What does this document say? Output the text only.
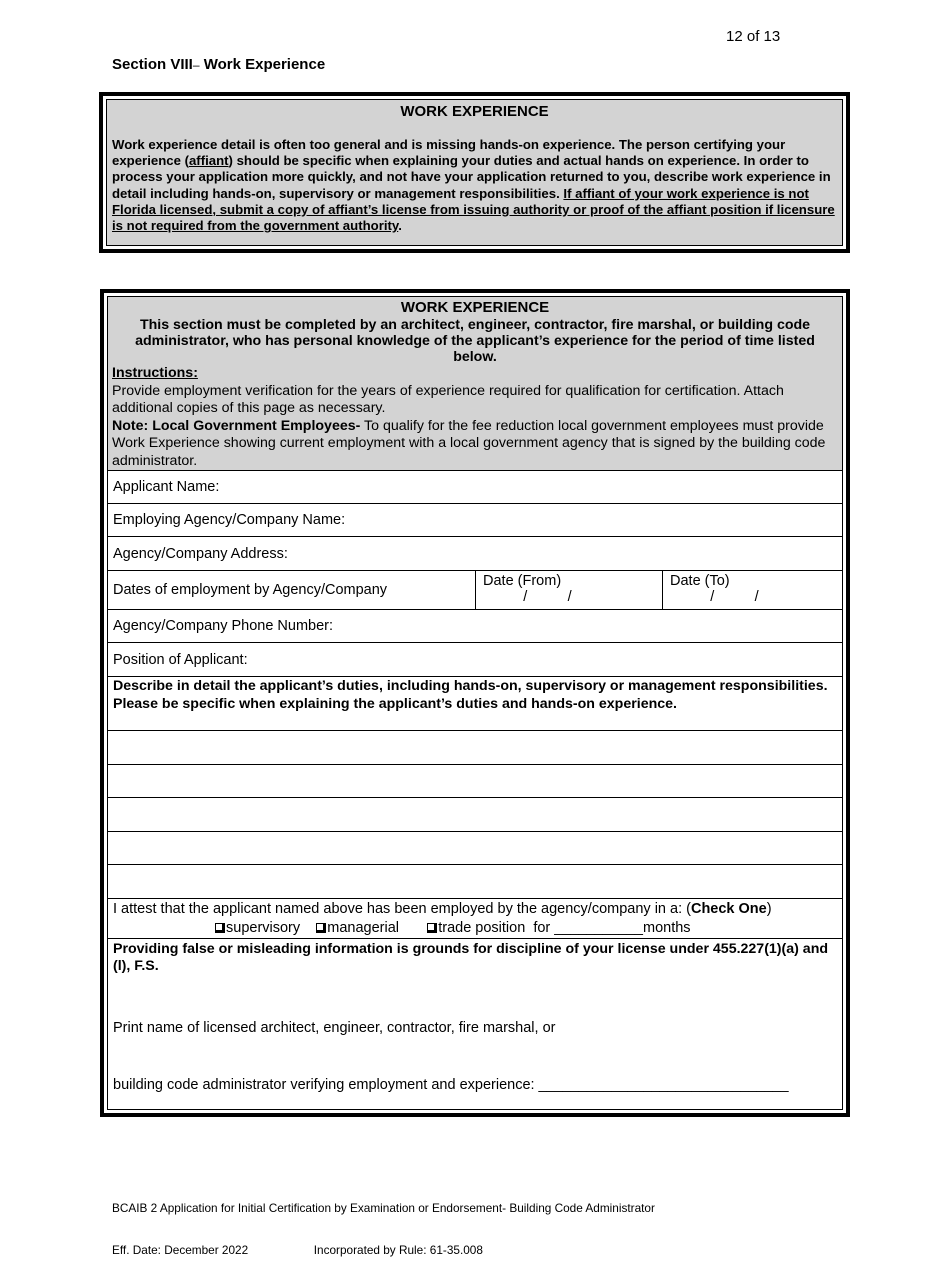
12 of 13
Section VIII– Work Experience
WORK EXPERIENCE
Work experience detail is often too general and is missing hands-on experience. The person certifying your experience (affiant) should be specific when explaining your duties and actual hands on experience. In order to process your application more quickly, and not have your application returned to you, describe work experience in detail including hands-on, supervisory or management responsibilities. If affiant of your work experience is not Florida licensed, submit a copy of affiant’s license from issuing authority or proof of the affiant position if licensure is not required from the government authority.
WORK EXPERIENCE
This section must be completed by an architect, engineer, contractor, fire marshal, or building code administrator, who has personal knowledge of the applicant’s experience for the period of time listed below.
Instructions:
Provide employment verification for the years of experience required for qualification for certification. Attach additional copies of this page as necessary.
Note: Local Government Employees- To qualify for the fee reduction local government employees must provide Work Experience showing current employment with a local government agency that is signed by the building code administrator.
Applicant Name:
Employing Agency/Company Name:
Agency/Company Address:
Dates of employment by Agency/Company
Date (From)
/          /
Date (To)
/          /
Agency/Company Phone Number:
Position of Applicant:
Describe in detail the applicant’s duties, including hands-on, supervisory or management responsibilities. Please be specific when explaining the applicant’s duties and hands-on experience.
I attest that the applicant named above has been employed by the agency/company in a: (Check One)
supervisory managerial	trade position  for ___________months
Providing false or misleading information is grounds for discipline of your license under 455.227(1)(a) and (l), F.S.

Print name of licensed architect, engineer, contractor, fire marshal, or

building code administrator verifying employment and experience: _______________________________

BCAIB 2 Application for Initial Certification by Examination or Endorsement- Building Code Administrator

Eff. Date: December 2022                    Incorporated by Rule: 61-35.008
